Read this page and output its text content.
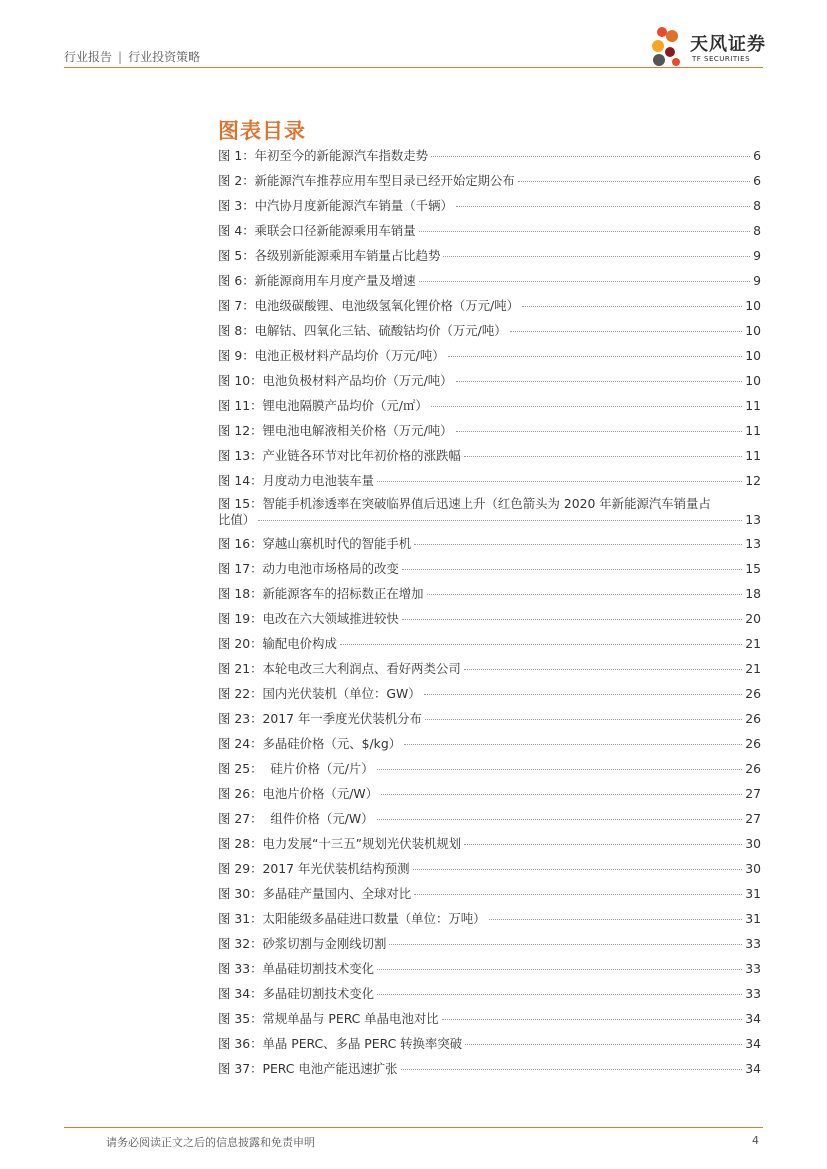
行业报告 | 行业投资策略
天风证券
TF SECURITIES
图表目录
图 1： 年初至今的新能源汽车指数走势	6
图 2： 新能源汽车推荐应用车型目录已经开始定期公布	6
图 3： 中汽协月度新能源汽车销量（千辆）	8
图 4： 乘联会口径新能源乘用车销量	8
图 5： 各级别新能源乘用车销量占比趋势	9
图 6： 新能源商用车月度产量及增速	9
图 7： 电池级碳酸锂、电池级氢氧化锂价格（万元/吨）	10
图 8： 电解钴、四氧化三钴、硫酸钴均价（万元/吨）	10
图 9： 电池正极材料产品均价（万元/吨）	10
图 10： 电池负极材料产品均价（万元/吨）	10
图 11： 锂电池隔膜产品均价（元/㎡）	11
图 12： 锂电池电解液相关价格（万元/吨）	11
图 13： 产业链各环节对比年初价格的涨跌幅	11
图 14： 月度动力电池装车量	12
图 15：智能手机渗透率在突破临界值后迅速上升（红色箭头为 2020 年新能源汽车销量占
比值）	13
图 16： 穿越山寨机时代的智能手机	13
图 17： 动力电池市场格局的改变	15
图 18： 新能源客车的招标数正在增加	18
图 19： 电改在六大领域推进较快	20
图 20： 输配电价构成	21
图 21： 本轮电改三大利润点、看好两类公司	21
图 22： 国内光伏装机（单位：GW）	26
图 23： 2017 年一季度光伏装机分布	26
图 24： 多晶硅价格（元、$/kg）	26
图 25： 硅片价格（元/片）	26
图 26： 电池片价格（元/W）	27
图 27： 组件价格（元/W）	27
图 28： 电力发展“十三五”规划光伏装机规划	30
图 29： 2017 年光伏装机结构预测	30
图 30： 多晶硅产量国内、全球对比	31
图 31： 太阳能级多晶硅进口数量（单位：万吨）	31
图 32： 砂浆切割与金刚线切割	33
图 33： 单晶硅切割技术变化	33
图 34： 多晶硅切割技术变化	33
图 35： 常规单晶与 PERC 单晶电池对比	34
图 36： 单晶 PERC、多晶 PERC 转换率突破	34
图 37： PERC 电池产能迅速扩张	34
请务必阅读正文之后的信息披露和免责申明	4
